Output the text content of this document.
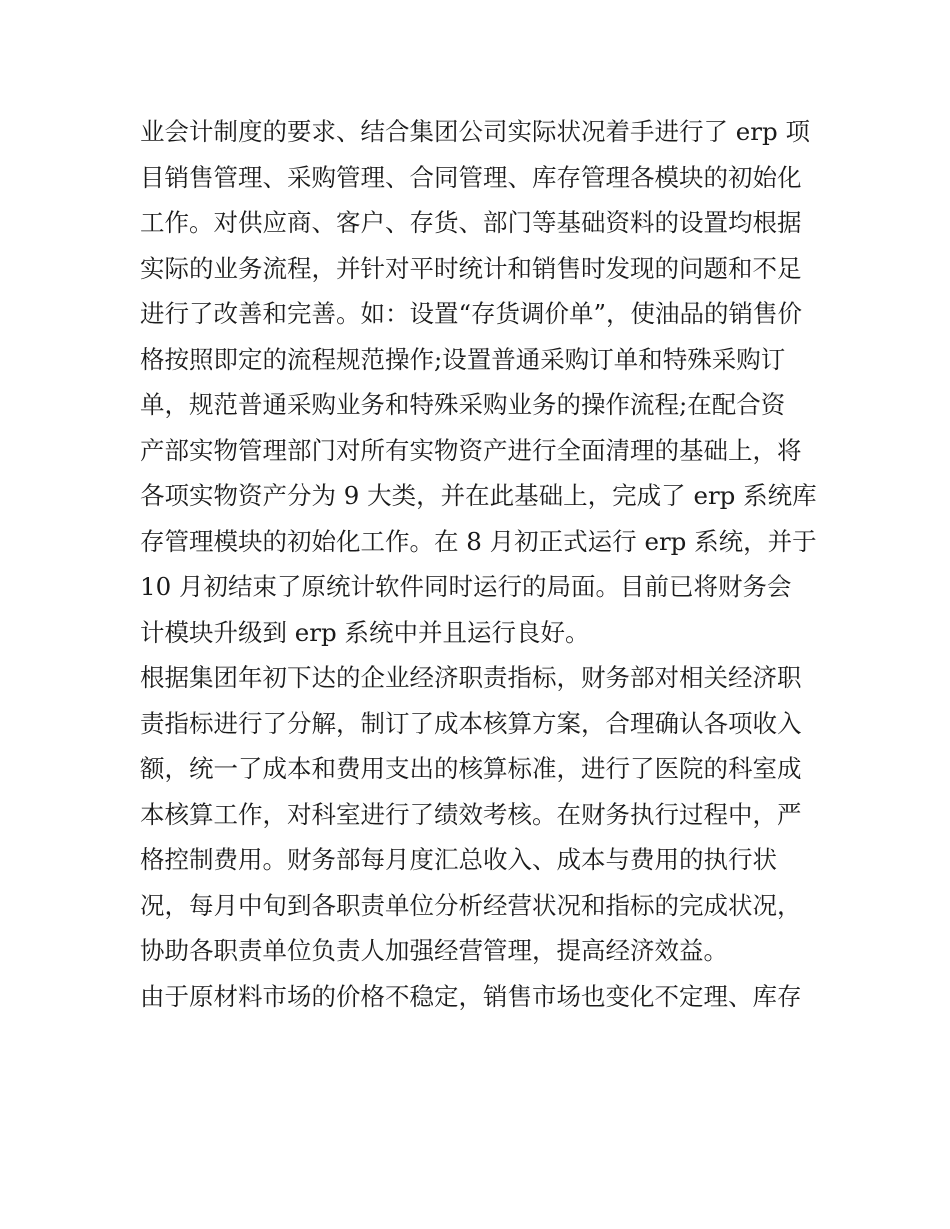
业会计制度的要求、结合集团公司实际状况着手进行了 erp 项

目销售管理、采购管理、合同管理、库存管理各模块的初始化

工作。对供应商、客户、存货、部门等基础资料的设置均根据

实际的业务流程，并针对平时统计和销售时发现的问题和不足

进行了改善和完善。如：设置“存货调价单”，使油品的销售价

格按照即定的流程规范操作;设置普通采购订单和特殊采购订

单，规范普通采购业务和特殊采购业务的操作流程;在配合资

产部实物管理部门对所有实物资产进行全面清理的基础上，将

各项实物资产分为 9 大类，并在此基础上，完成了 erp 系统库

存管理模块的初始化工作。在 8 月初正式运行 erp 系统，并于

10 月初结束了原统计软件同时运行的局面。目前已将财务会

计模块升级到 erp 系统中并且运行良好。

根据集团年初下达的企业经济职责指标，财务部对相关经济职

责指标进行了分解，制订了成本核算方案，合理确认各项收入

额，统一了成本和费用支出的核算标准，进行了医院的科室成

本核算工作，对科室进行了绩效考核。在财务执行过程中，严

格控制费用。财务部每月度汇总收入、成本与费用的执行状

况，每月中旬到各职责单位分析经营状况和指标的完成状况，

协助各职责单位负责人加强经营管理，提高经济效益。

由于原材料市场的价格不稳定，销售市场也变化不定理、库存
